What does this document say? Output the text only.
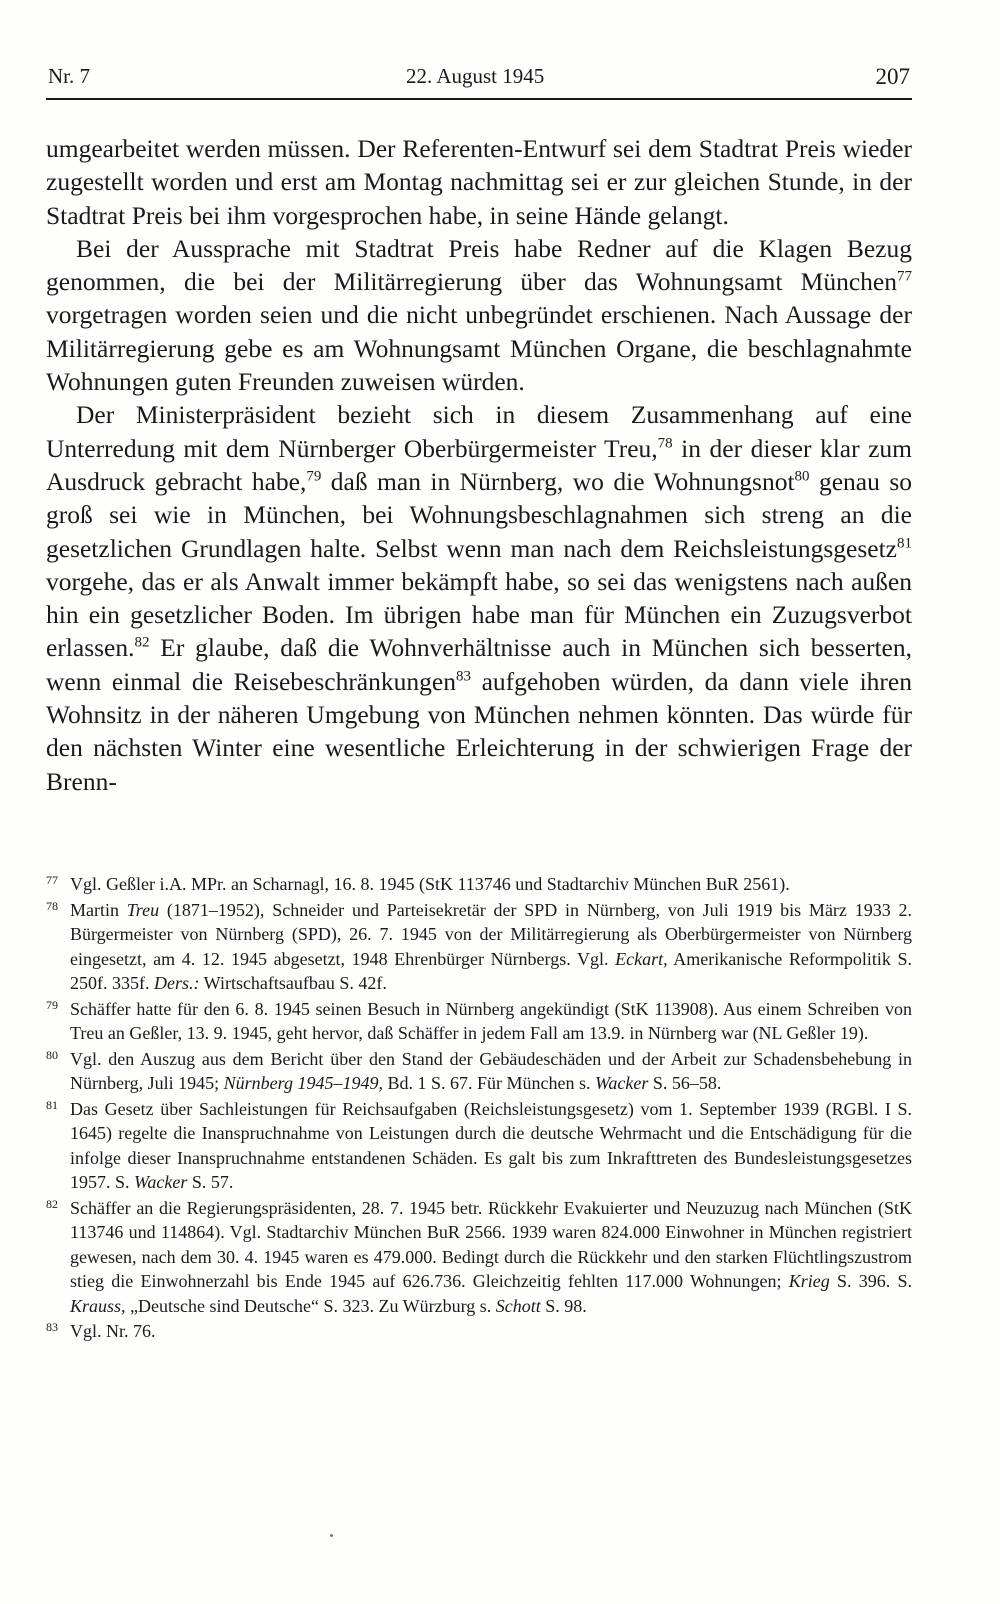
Nr. 7	22. August 1945	207

umgearbeitet werden müssen. Der Referenten-Entwurf sei dem Stadtrat Preis wieder zugestellt worden und erst am Montag nachmittag sei er zur gleichen Stunde, in der Stadtrat Preis bei ihm vorgesprochen habe, in seine Hände gelangt.

Bei der Aussprache mit Stadtrat Preis habe Redner auf die Klagen Bezug genommen, die bei der Militärregierung über das Wohnungsamt München$^{77}$ vorgetragen worden seien und die nicht unbegründet erschienen. Nach Aussage der Militärregierung gebe es am Wohnungsamt München Organe, die beschlagnahmte Wohnungen guten Freunden zuweisen würden.

Der Ministerpräsident bezieht sich in diesem Zusammenhang auf eine Unterredung mit dem Nürnberger Oberbürgermeister Treu,$^{78}$ in der dieser klar zum Ausdruck gebracht habe,$^{79}$ daß man in Nürnberg, wo die Wohnungsnot$^{80}$ genau so groß sei wie in München, bei Wohnungsbeschlagnahmen sich streng an die gesetzlichen Grundlagen halte. Selbst wenn man nach dem Reichsleistungsgesetz$^{81}$ vorgehe, das er als Anwalt immer bekämpft habe, so sei das wenigstens nach außen hin ein gesetzlicher Boden. Im übrigen habe man für München ein Zuzugsverbot erlassen.$^{82}$ Er glaube, daß die Wohnverhältnisse auch in München sich besserten, wenn einmal die Reisebeschränkungen$^{83}$ aufgehoben würden, da dann viele ihren Wohnsitz in der näheren Umgebung von München nehmen könnten. Das würde für den nächsten Winter eine wesentliche Erleichterung in der schwierigen Frage der Brenn-

77 Vgl. Geßler i.A. MPr. an Scharnagl, 16. 8. 1945 (StK 113746 und Stadtarchiv München BuR 2561).
78 Martin Treu (1871–1952), Schneider und Parteisekretär der SPD in Nürnberg, von Juli 1919 bis März 1933 2. Bürgermeister von Nürnberg (SPD), 26. 7. 1945 von der Militärregierung als Oberbürgermeister von Nürnberg eingesetzt, am 4. 12. 1945 abgesetzt, 1948 Ehrenbürger Nürnbergs. Vgl. Eckart, Amerikanische Reformpolitik S. 250f. 335f. Ders.: Wirtschaftsaufbau S. 42f.
79 Schäffer hatte für den 6. 8. 1945 seinen Besuch in Nürnberg angekündigt (StK 113908). Aus einem Schreiben von Treu an Geßler, 13. 9. 1945, geht hervor, daß Schäffer in jedem Fall am 13.9. in Nürnberg war (NL Geßler 19).
80 Vgl. den Auszug aus dem Bericht über den Stand der Gebäudeschäden und der Arbeit zur Schadensbehebung in Nürnberg, Juli 1945; Nürnberg 1945–1949, Bd. 1 S. 67. Für München s. Wacker S. 56–58.
81 Das Gesetz über Sachleistungen für Reichsaufgaben (Reichsleistungsgesetz) vom 1. September 1939 (RGBl. I S. 1645) regelte die Inanspruchnahme von Leistungen durch die deutsche Wehrmacht und die Entschädigung für die infolge dieser Inanspruchnahme entstandenen Schäden. Es galt bis zum Inkrafttreten des Bundesleistungsgesetzes 1957. S. Wacker S. 57.
82 Schäffer an die Regierungspräsidenten, 28. 7. 1945 betr. Rückkehr Evakuierter und Neuzuzug nach München (StK 113746 und 114864). Vgl. Stadtarchiv München BuR 2566. 1939 waren 824.000 Einwohner in München registriert gewesen, nach dem 30. 4. 1945 waren es 479.000. Bedingt durch die Rückkehr und den starken Flüchtlingszustrom stieg die Einwohnerzahl bis Ende 1945 auf 626.736. Gleichzeitig fehlten 117.000 Wohnungen; Krieg S. 396. S. Krauss, „Deutsche sind Deutsche“ S. 323. Zu Würzburg s. Schott S. 98.
83 Vgl. Nr. 76.
